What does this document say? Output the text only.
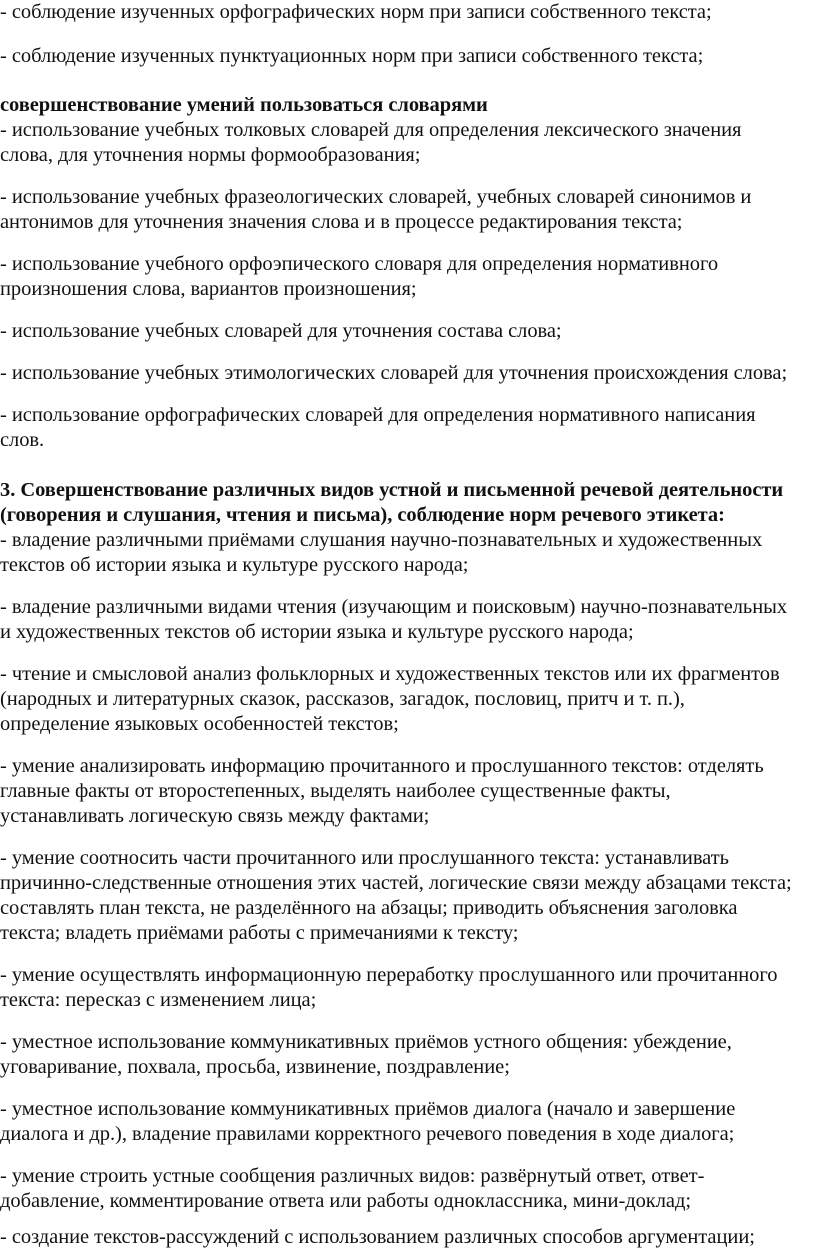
- соблюдение изученных орфографических норм при записи собственного текста;
- соблюдение изученных пунктуационных норм при записи собственного текста;
совершенствование умений пользоваться словарями
- использование учебных толковых словарей для определения лексического значения
слова, для уточнения нормы формообразования;
- использование учебных фразеологических словарей, учебных словарей синонимов и
антонимов для уточнения значения слова и в процессе редактирования текста;
- использование учебного орфоэпического словаря для определения нормативного
произношения слова, вариантов произношения;
- использование учебных словарей для уточнения состава слова;
- использование учебных этимологических словарей для уточнения происхождения слова;
- использование орфографических словарей для определения нормативного написания
слов.
3. Совершенствование различных видов устной и письменной речевой деятельности
(говорения и слушания, чтения и письма), соблюдение норм речевого этикета:
- владение различными приёмами слушания научно-познавательных и художественных
текстов об истории языка и культуре русского народа;
- владение различными видами чтения (изучающим и поисковым) научно-познавательных
и художественных текстов об истории языка и культуре русского народа;
- чтение и смысловой анализ фольклорных и художественных текстов или их фрагментов
(народных и литературных сказок, рассказов, загадок, пословиц, притч и т. п.),
определение языковых особенностей текстов;
- умение анализировать информацию прочитанного и прослушанного текстов: отделять
главные факты от второстепенных, выделять наиболее существенные факты,
устанавливать логическую связь между фактами;
- умение соотносить части прочитанного или прослушанного текста: устанавливать
причинно-следственные отношения этих частей, логические связи между абзацами текста;
составлять план текста, не разделённого на абзацы; приводить объяснения заголовка
текста; владеть приёмами работы с примечаниями к тексту;
- умение осуществлять информационную переработку прослушанного или прочитанного
текста: пересказ с изменением лица;
- уместное использование коммуникативных приёмов устного общения: убеждение,
уговаривание, похвала, просьба, извинение, поздравление;
- уместное использование коммуникативных приёмов диалога (начало и завершение
диалога и др.), владение правилами корректного речевого поведения в ходе диалога;
- умение строить устные сообщения различных видов: развёрнутый ответ, ответ-
добавление, комментирование ответа или работы одноклассника, мини-доклад;
- создание текстов-рассуждений с использованием различных способов аргументации;
